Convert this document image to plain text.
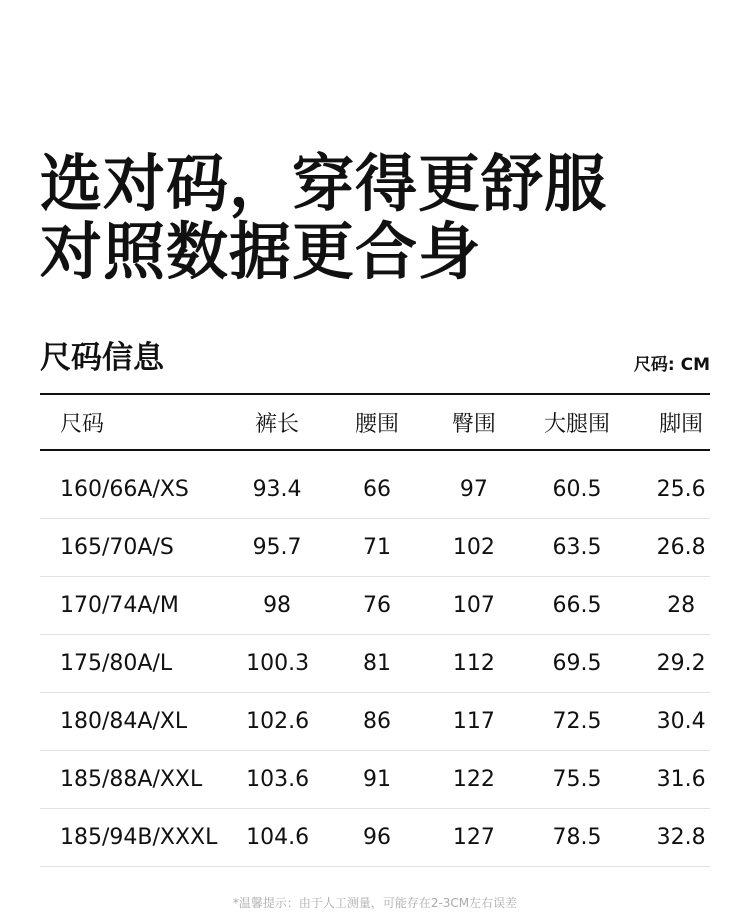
选对码，穿得更舒服
对照数据更合身
尺码信息	尺码: CM
尺码	裤长	腰围	臀围	大腿围	脚围
160/66A/XS	93.4	66	97	60.5	25.6
165/70A/S	95.7	71	102	63.5	26.8
170/74A/M	98	76	107	66.5	28
175/80A/L	100.3	81	112	69.5	29.2
180/84A/XL	102.6	86	117	72.5	30.4
185/88A/XXL	103.6	91	122	75.5	31.6
185/94B/XXXL	104.6	96	127	78.5	32.8
*温馨提示：由于人工测量，可能存在2-3CM左右误差
